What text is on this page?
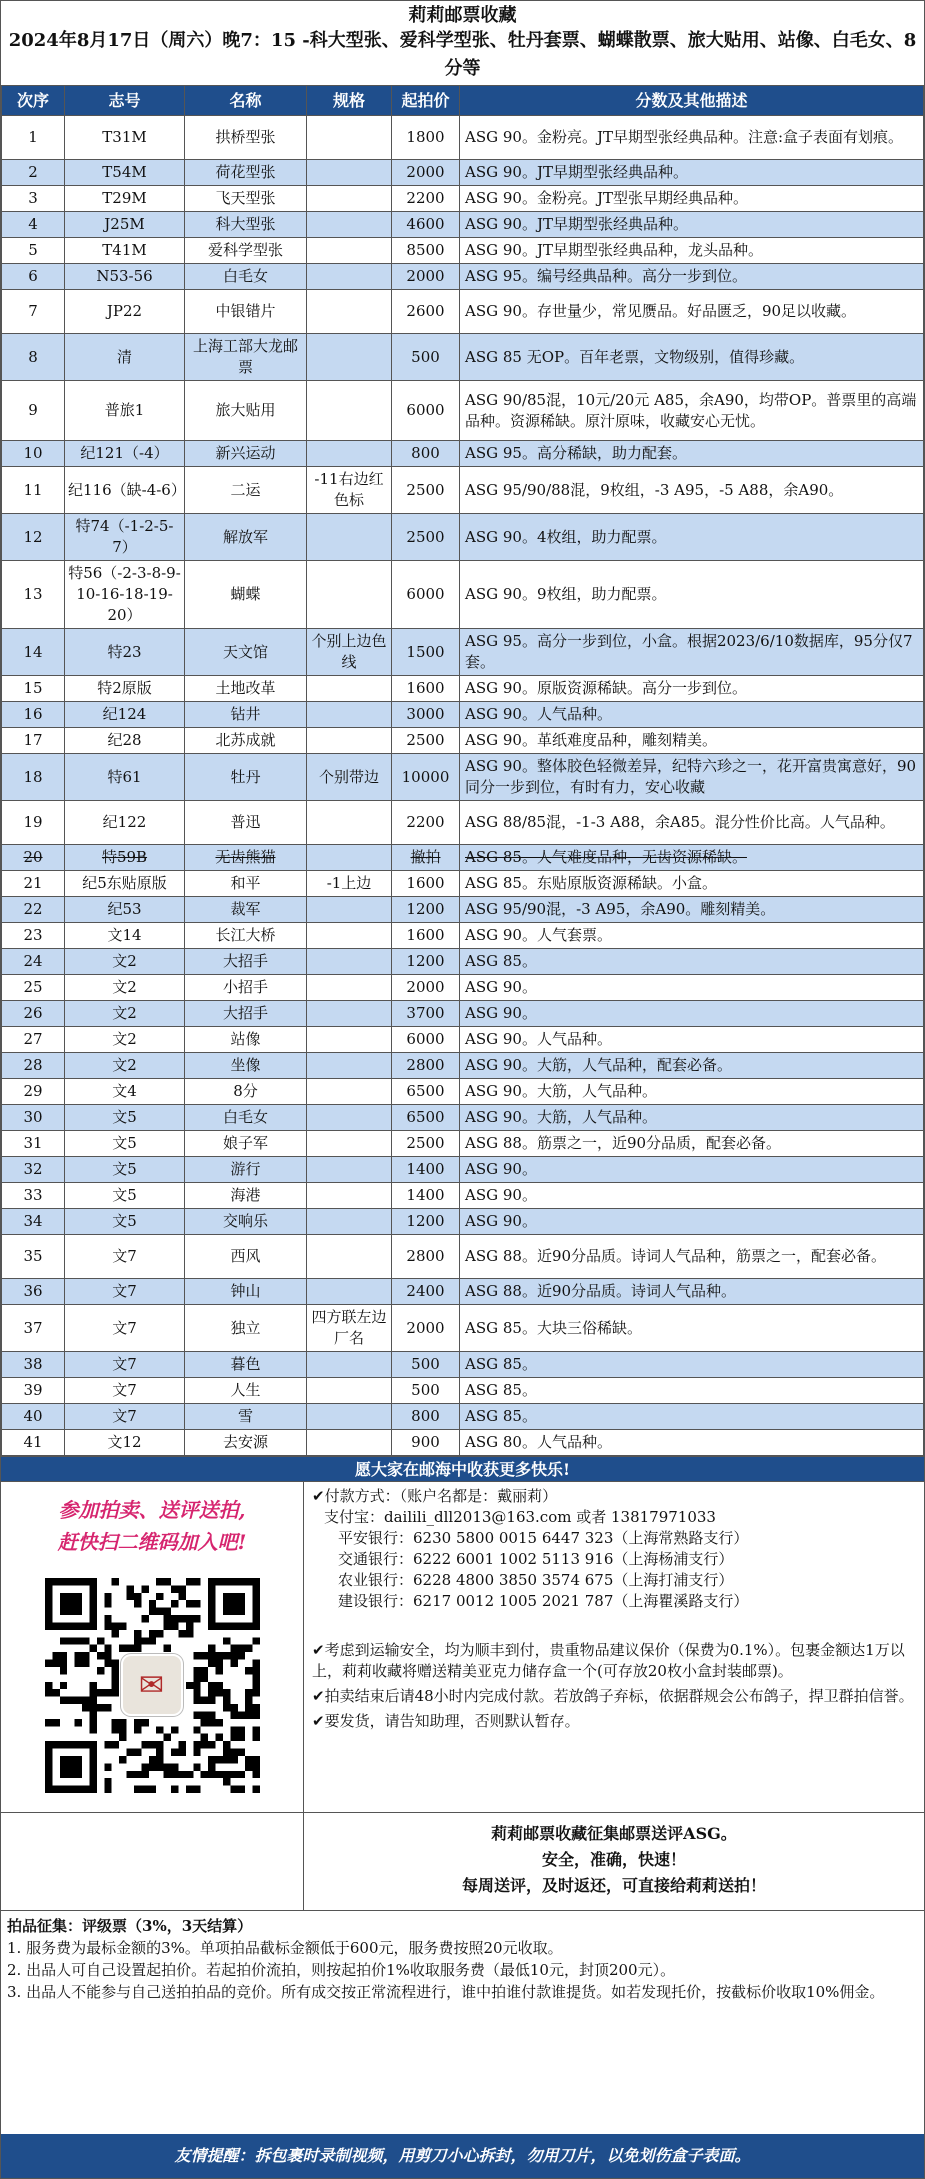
莉莉邮票收藏
2024年8月17日（周六）晚7：15 -科大型张、爱科学型张、牡丹套票、蝴蝶散票、旅大贴用、站像、白毛女、8分等
次序	志号	名称	规格	起拍价	分数及其他描述
1	T31M	拱桥型张		1800	ASG 90。金粉亮。JT早期型张经典品种。注意:盒子表面有划痕。
2	T54M	荷花型张		2000	ASG 90。JT早期型张经典品种。
3	T29M	飞天型张		2200	ASG 90。金粉亮。JT型张早期经典品种。
4	J25M	科大型张		4600	ASG 90。JT早期型张经典品种。
5	T41M	爱科学型张		8500	ASG 90。JT早期型张经典品种，龙头品种。
6	N53-56	白毛女		2000	ASG 95。编号经典品种。高分一步到位。
7	JP22	中银错片		2600	ASG 90。存世量少，常见赝品。好品匮乏，90足以收藏。
8	清	上海工部大龙邮票		500	ASG 85 无OP。百年老票，文物级别，值得珍藏。
9	普旅1	旅大贴用		6000	ASG 90/85混，10元/20元 A85，余A90，均带OP。普票里的高端品种。资源稀缺。原汁原味，收藏安心无忧。
10	纪121（-4）	新兴运动		800	ASG 95。高分稀缺，助力配套。
11	纪116（缺-4-6）	二运	-11右边红色标	2500	ASG 95/90/88混，9枚组，-3 A95，-5 A88，余A90。
12	特74（-1-2-5-7）	解放军		2500	ASG 90。4枚组，助力配票。
13	特56（-2-3-8-9-10-16-18-19-20）	蝴蝶		6000	ASG 90。9枚组，助力配票。
14	特23	天文馆	个别上边色线	1500	ASG 95。高分一步到位，小盒。根据2023/6/10数据库，95分仅7套。
15	特2原版	土地改革		1600	ASG 90。原版资源稀缺。高分一步到位。
16	纪124	钻井		3000	ASG 90。人气品种。
17	纪28	北苏成就		2500	ASG 90。革纸难度品种，雕刻精美。
18	特61	牡丹	个别带边	10000	ASG 90。整体胶色轻微差异，纪特六珍之一，花开富贵寓意好，90同分一步到位，有时有力，安心收藏
19	纪122	普迅		2200	ASG 88/85混，-1-3 A88，余A85。混分性价比高。人气品种。
20	特59B	无齿熊猫		撤拍	ASG 85。人气难度品种，无齿资源稀缺。
21	纪5东贴原版	和平	-1上边	1600	ASG 85。东贴原版资源稀缺。小盒。
22	纪53	裁军		1200	ASG 95/90混，-3 A95，余A90。雕刻精美。
23	文14	长江大桥		1600	ASG 90。人气套票。
24	文2	大招手		1200	ASG 85。
25	文2	小招手		2000	ASG 90。
26	文2	大招手		3700	ASG 90。
27	文2	站像		6000	ASG 90。人气品种。
28	文2	坐像		2800	ASG 90。大筋，人气品种，配套必备。
29	文4	8分		6500	ASG 90。大筋，人气品种。
30	文5	白毛女		6500	ASG 90。大筋，人气品种。
31	文5	娘子军		2500	ASG 88。筋票之一，近90分品质，配套必备。
32	文5	游行		1400	ASG 90。
33	文5	海港		1400	ASG 90。
34	文5	交响乐		1200	ASG 90。
35	文7	西风		2800	ASG 88。近90分品质。诗词人气品种，筋票之一，配套必备。
36	文7	钟山		2400	ASG 88。近90分品质。诗词人气品种。
37	文7	独立	四方联左边厂名	2000	ASG 85。大块三俗稀缺。
38	文7	暮色		500	ASG 85。
39	文7	人生		500	ASG 85。
40	文7	雪		800	ASG 85。
41	文12	去安源		900	ASG 80。人气品种。
愿大家在邮海中收获更多快乐!
参加拍卖、送评送拍,
赶快扫二维码加入吧!
✉
✔付款方式：（账户名都是：戴丽莉）
支付宝：dailili_dll2013@163.com 或者 13817971033
平安银行：6230 5800 0015 6447 323（上海常熟路支行）
交通银行：6222 6001 1002 5113 916（上海杨浦支行）
农业银行：6228 4800 3850 3574 675（上海打浦支行）
建设银行：6217 0012 1005 2021 787（上海瞿溪路支行）
✔考虑到运输安全，均为顺丰到付，贵重物品建议保价（保费为0.1%）。包裹金额达1万以上，莉莉收藏将赠送精美亚克力储存盒一个(可存放20枚小盒封装邮票)。
✔拍卖结束后请48小时内完成付款。若放鸽子弃标，依据群规会公布鸽子，捍卫群拍信誉。
✔要发货，请告知助理，否则默认暂存。
莉莉邮票收藏征集邮票送评ASG。
安全，准确，快速！
每周送评，及时返还，可直接给莉莉送拍！
拍品征集：评级票（3%，3天结算）
1. 服务费为最标金额的3%。单项拍品截标金额低于600元，服务费按照20元收取。
2. 出品人可自己设置起拍价。若起拍价流拍，则按起拍价1%收取服务费（最低10元，封顶200元）。
3. 出品人不能参与自己送拍拍品的竞价。所有成交按正常流程进行，谁中拍谁付款谁提货。如若发现托价，按截标价收取10%佣金。
友情提醒：拆包裹时录制视频，用剪刀小心拆封，勿用刀片，以免划伤盒子表面。
